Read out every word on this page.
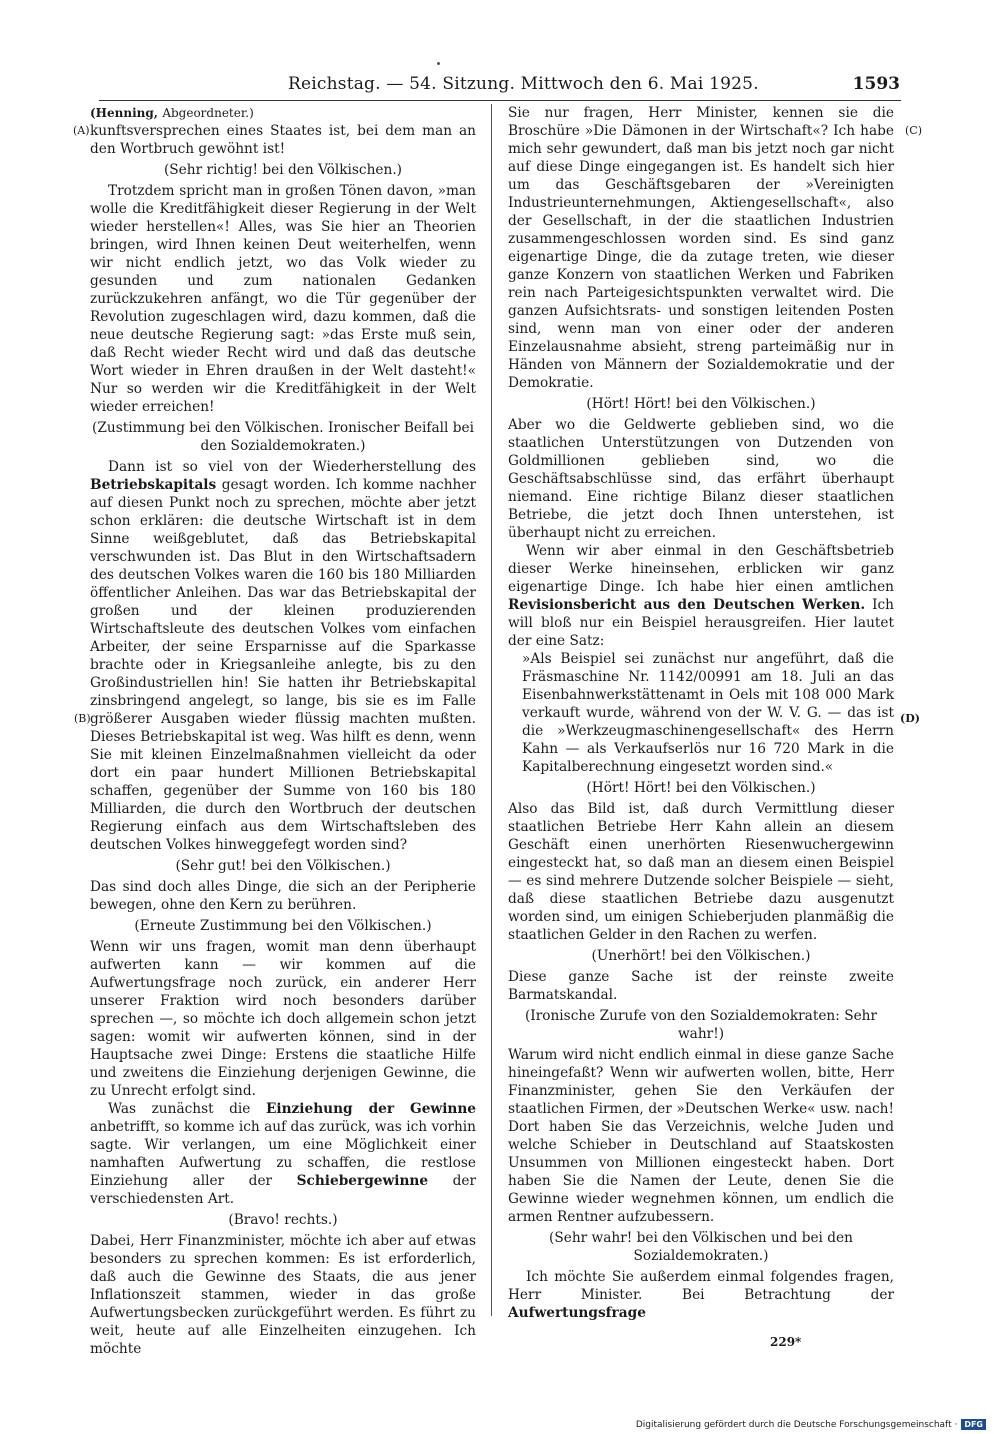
Reichstag. — 54. Sitzung. Mittwoch den 6. Mai 1925.	1593
(A)
(B)
(C)
(D)

(Henning, Abgeordneter.)

kunftsversprechen eines Staates ist, bei dem man an den Wortbruch gewöhnt ist!

(Sehr richtig! bei den Völkischen.)

Trotzdem spricht man in großen Tönen davon, »man wolle die Kreditfähigkeit dieser Regierung in der Welt wieder herstellen«! Alles, was Sie hier an Theorien bringen, wird Ihnen keinen Deut weiterhelfen, wenn wir nicht endlich jetzt, wo das Volk wieder zu gesunden und zum nationalen Gedanken zurückzukehren anfängt, wo die Tür gegenüber der Revolution zugeschlagen wird, dazu kommen, daß die neue deutsche Regierung sagt: »das Erste muß sein, daß Recht wieder Recht wird und daß das deutsche Wort wieder in Ehren draußen in der Welt dasteht!« Nur so werden wir die Kreditfähigkeit in der Welt wieder erreichen!

(Zustimmung bei den Völkischen. Ironischer Beifall bei den Sozialdemokraten.)

Dann ist so viel von der Wiederherstellung des Betriebskapitals gesagt worden. Ich komme nachher auf diesen Punkt noch zu sprechen, möchte aber jetzt schon erklären: die deutsche Wirtschaft ist in dem Sinne weißgeblutet, daß das Betriebskapital verschwunden ist. Das Blut in den Wirtschaftsadern des deutschen Volkes waren die 160 bis 180 Milliarden öffentlicher Anleihen. Das war das Betriebskapital der großen und der kleinen produzierenden Wirtschaftsleute des deutschen Volkes vom einfachen Arbeiter, der seine Ersparnisse auf die Sparkasse brachte oder in Kriegsanleihe anlegte, bis zu den Großindustriellen hin! Sie hatten ihr Betriebskapital zinsbringend angelegt, so lange, bis sie es im Falle größerer Ausgaben wieder flüssig machten mußten. Dieses Betriebskapital ist weg. Was hilft es denn, wenn Sie mit kleinen Einzelmaßnahmen vielleicht da oder dort ein paar hundert Millionen Betriebskapital schaffen, gegenüber der Summe von 160 bis 180 Milliarden, die durch den Wortbruch der deutschen Regierung einfach aus dem Wirtschaftsleben des deutschen Volkes hinweggefegt worden sind?

(Sehr gut! bei den Völkischen.)

Das sind doch alles Dinge, die sich an der Peripherie bewegen, ohne den Kern zu berühren.

(Erneute Zustimmung bei den Völkischen.)

Wenn wir uns fragen, womit man denn überhaupt aufwerten kann — wir kommen auf die Aufwertungsfrage noch zurück, ein anderer Herr unserer Fraktion wird noch besonders darüber sprechen —, so möchte ich doch allgemein schon jetzt sagen: womit wir aufwerten können, sind in der Hauptsache zwei Dinge: Erstens die staatliche Hilfe und zweitens die Einziehung derjenigen Gewinne, die zu Unrecht erfolgt sind.

Was zunächst die Einziehung der Gewinne anbetrifft, so komme ich auf das zurück, was ich vorhin sagte. Wir verlangen, um eine Möglichkeit einer namhaften Aufwertung zu schaffen, die restlose Einziehung aller der Schiebergewinne der verschiedensten Art.

(Bravo! rechts.)

Dabei, Herr Finanzminister, möchte ich aber auf etwas besonders zu sprechen kommen: Es ist erforderlich, daß auch die Gewinne des Staats, die aus jener Inflationszeit stammen, wieder in das große Aufwertungsbecken zurückgeführt werden. Es führt zu weit, heute auf alle Einzelheiten einzugehen. Ich möchte

Sie nur fragen, Herr Minister, kennen sie die Broschüre »Die Dämonen in der Wirtschaft«? Ich habe mich sehr gewundert, daß man bis jetzt noch gar nicht auf diese Dinge eingegangen ist. Es handelt sich hier um das Geschäftsgebaren der »Vereinigten Industrieunternehmungen, Aktiengesellschaft«, also der Gesellschaft, in der die staatlichen Industrien zusammengeschlossen worden sind. Es sind ganz eigenartige Dinge, die da zutage treten, wie dieser ganze Konzern von staatlichen Werken und Fabriken rein nach Parteigesichtspunkten verwaltet wird. Die ganzen Aufsichtsrats- und sonstigen leitenden Posten sind, wenn man von einer oder der anderen Einzelausnahme absieht, streng parteimäßig nur in Händen von Männern der Sozialdemokratie und der Demokratie.

(Hört! Hört! bei den Völkischen.)

Aber wo die Geldwerte geblieben sind, wo die staatlichen Unterstützungen von Dutzenden von Goldmillionen geblieben sind, wo die Geschäftsabschlüsse sind, das erfährt überhaupt niemand. Eine richtige Bilanz dieser staatlichen Betriebe, die jetzt doch Ihnen unterstehen, ist überhaupt nicht zu erreichen.

Wenn wir aber einmal in den Geschäftsbetrieb dieser Werke hineinsehen, erblicken wir ganz eigenartige Dinge. Ich habe hier einen amtlichen Revisionsbericht aus den Deutschen Werken. Ich will bloß nur ein Beispiel herausgreifen. Hier lautet der eine Satz:

»Als Beispiel sei zunächst nur angeführt, daß die Fräsmaschine Nr. 1142/00991 am 18. Juli an das Eisenbahnwerkstättenamt in Oels mit 108 000 Mark verkauft wurde, während von der W. V. G. — das ist die »Werkzeugmaschinengesellschaft« des Herrn Kahn — als Verkaufserlös nur 16 720 Mark in die Kapitalberechnung eingesetzt worden sind.«

(Hört! Hört! bei den Völkischen.)

Also das Bild ist, daß durch Vermittlung dieser staatlichen Betriebe Herr Kahn allein an diesem Geschäft einen unerhörten Riesenwuchergewinn eingesteckt hat, so daß man an diesem einen Beispiel — es sind mehrere Dutzende solcher Beispiele — sieht, daß diese staatlichen Betriebe dazu ausgenutzt worden sind, um einigen Schieberjuden planmäßig die staatlichen Gelder in den Rachen zu werfen.

(Unerhört! bei den Völkischen.)

Diese ganze Sache ist der reinste zweite Barmatskandal.

(Ironische Zurufe von den Sozialdemokraten: Sehr wahr!)

Warum wird nicht endlich einmal in diese ganze Sache hineingefaßt? Wenn wir aufwerten wollen, bitte, Herr Finanzminister, gehen Sie den Verkäufen der staatlichen Firmen, der »Deutschen Werke« usw. nach! Dort haben Sie das Verzeichnis, welche Juden und welche Schieber in Deutschland auf Staatskosten Unsummen von Millionen eingesteckt haben. Dort haben Sie die Namen der Leute, denen Sie die Gewinne wieder wegnehmen können, um endlich die armen Rentner aufzubessern.

(Sehr wahr! bei den Völkischen und bei den Sozialdemokraten.)

Ich möchte Sie außerdem einmal folgendes fragen, Herr Minister. Bei Betrachtung der Aufwertungsfrage

229*
Digitalisierung gefördert durch die Deutsche Forschungsgemeinschaft · DFG
